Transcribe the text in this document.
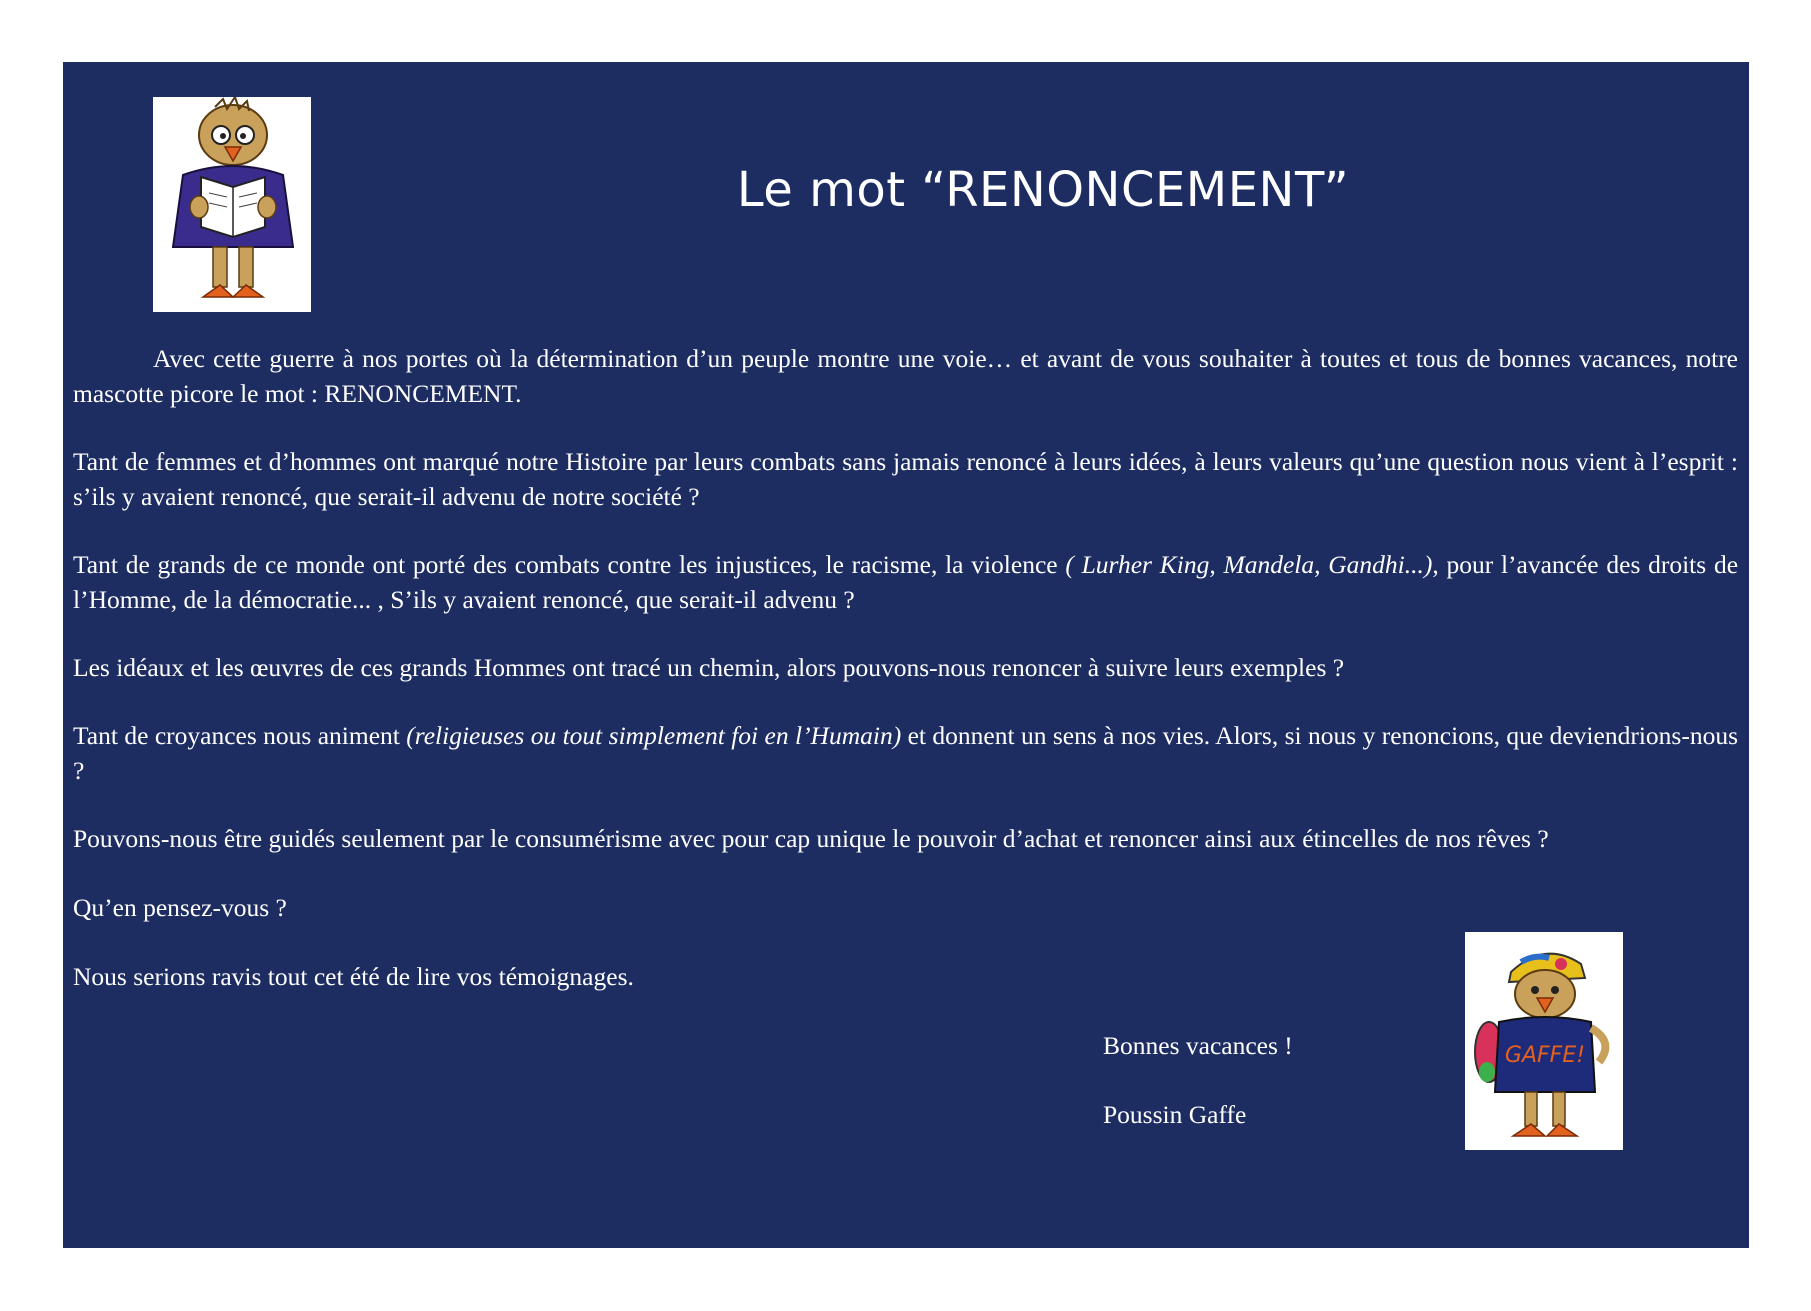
Le mot “RENONCEMENT”

Avec cette guerre à nos portes où la détermination d’un peuple montre une voie… et avant de vous souhaiter à toutes et tous de bonnes vacances, notre mascotte picore le mot : RENONCEMENT.

Tant de femmes et d’hommes ont marqué notre Histoire par leurs combats sans jamais renoncé à leurs idées, à leurs valeurs qu’une question nous vient à l’esprit : s’ils y avaient renoncé, que serait-il advenu de notre société ?

Tant de grands de ce monde ont porté des combats contre les injustices, le racisme, la violence ( Lurher King, Mandela, Gandhi...), pour l’avancée des droits de l’Homme, de la démocratie... , S’ils y avaient renoncé, que serait-il advenu ?

Les idéaux et les œuvres de ces grands Hommes ont tracé un chemin, alors pouvons-nous renoncer à suivre leurs exemples ?

Tant de croyances nous animent (religieuses ou tout simplement foi en l’Humain) et donnent un sens à nos vies. Alors, si nous y renoncions, que deviendrions-nous ?

Pouvons-nous être guidés seulement par le consumérisme avec pour cap unique le pouvoir d’achat et renoncer ainsi aux étincelles de nos rêves ?

Qu’en pensez-vous ?

Nous serions ravis tout cet été de lire vos témoignages.

Bonnes vacances !

Poussin Gaffe

GAFFE!
